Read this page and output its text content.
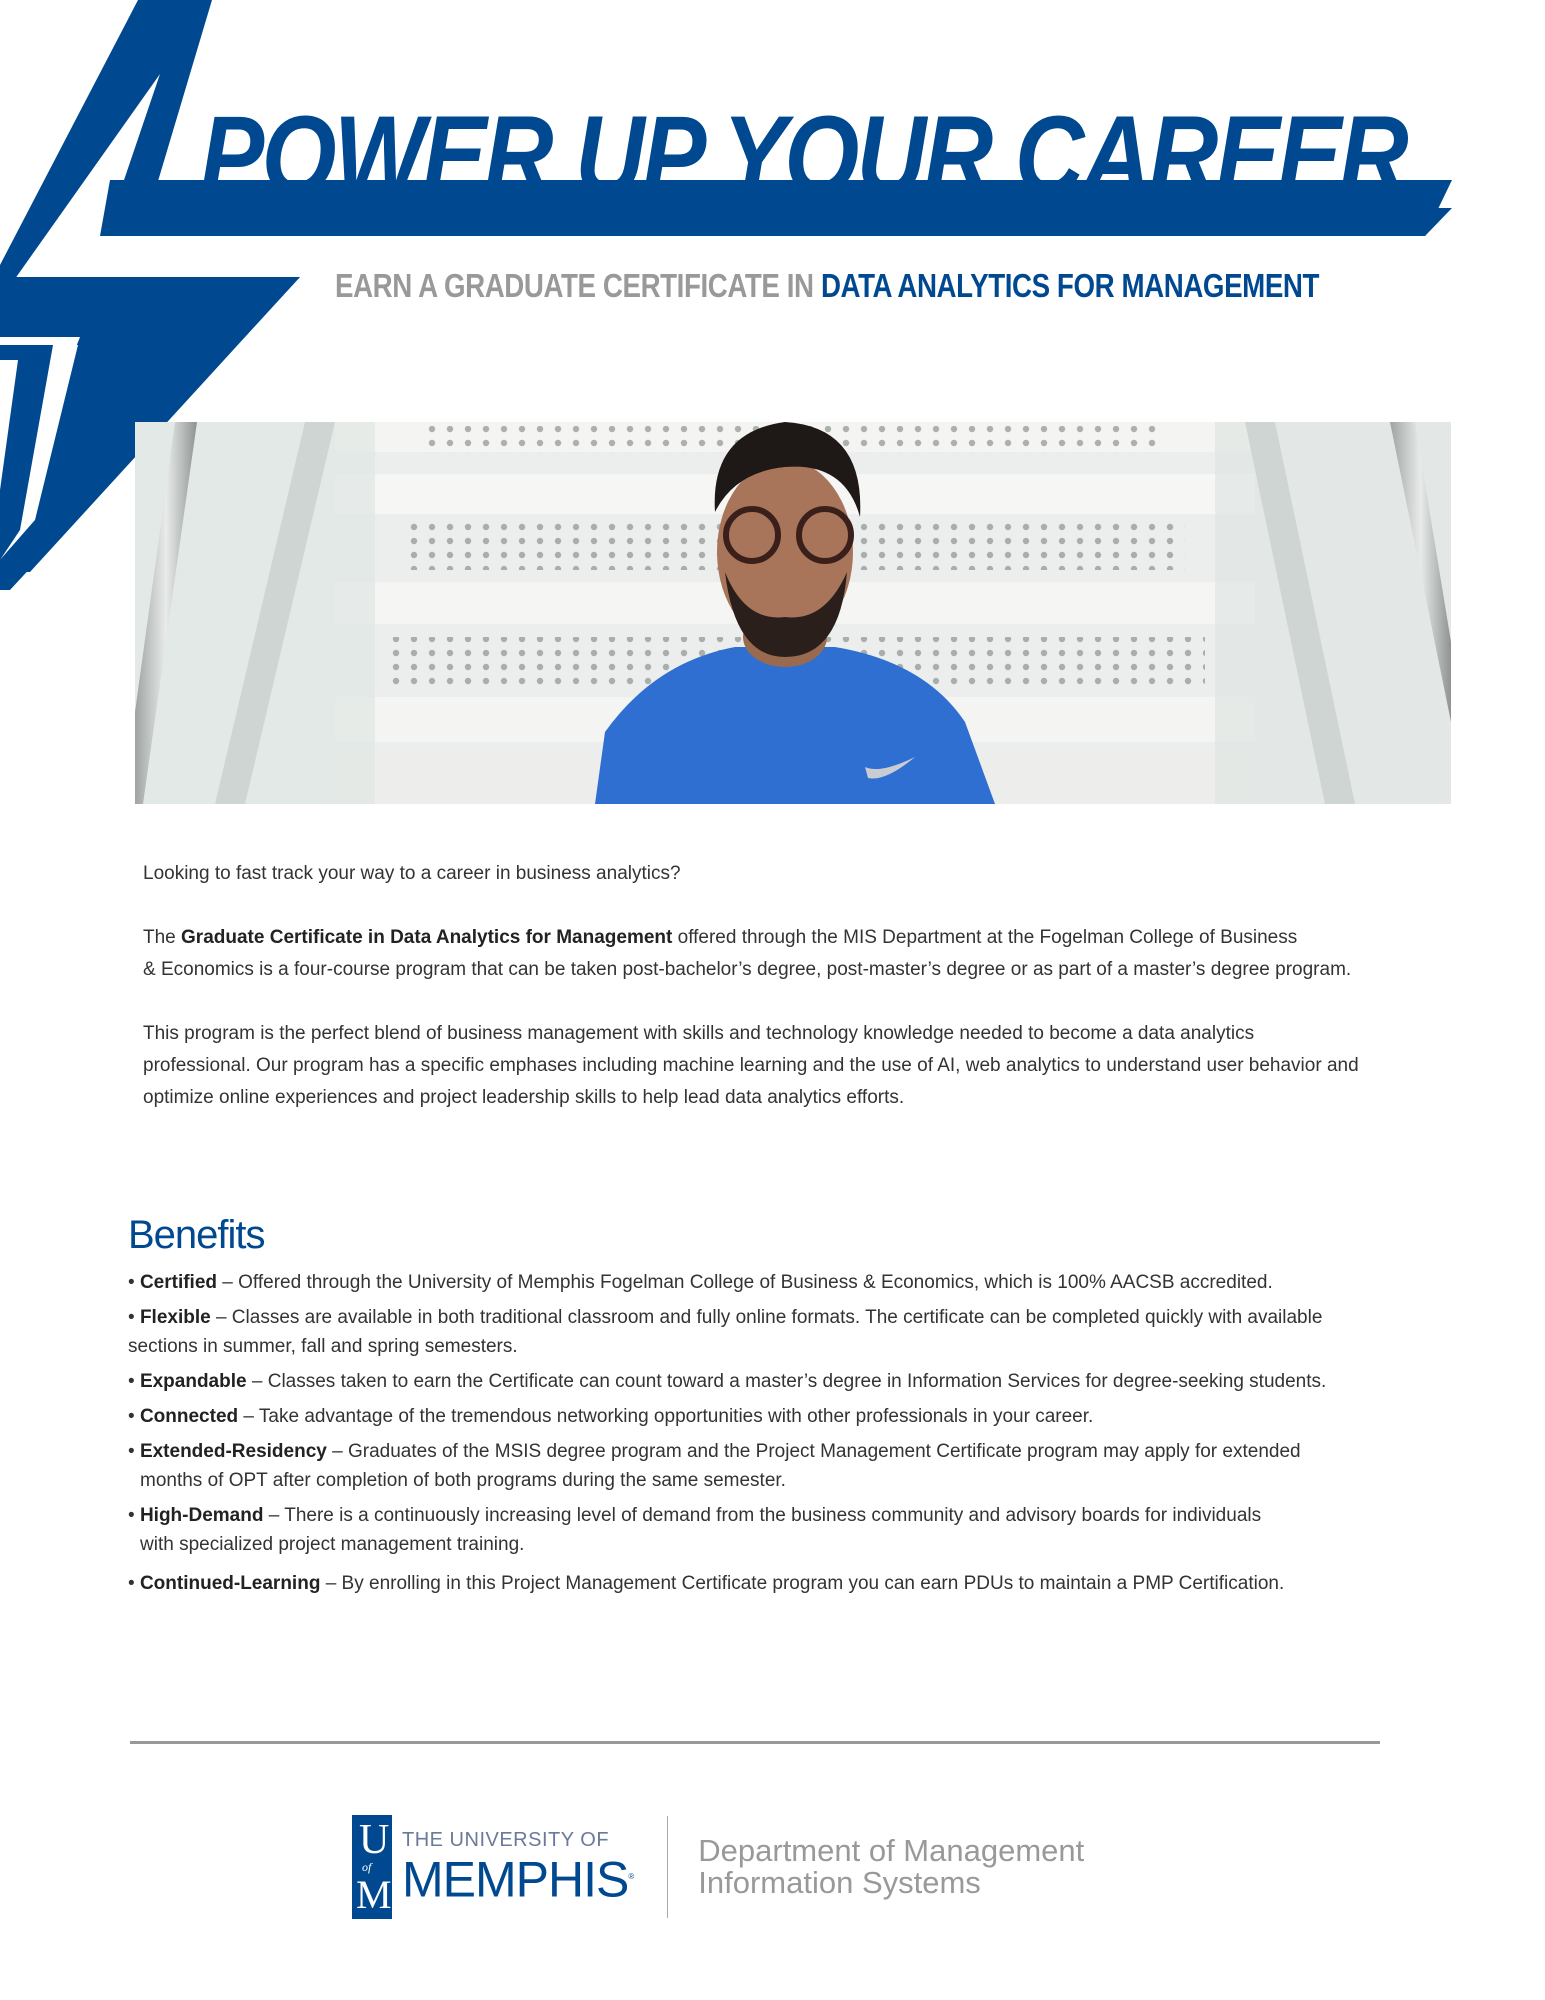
POWER UP YOUR CAREER
EARN A GRADUATE CERTIFICATE IN DATA ANALYTICS FOR MANAGEMENT

Looking to fast track your way to a career in business analytics?

The Graduate Certificate in Data Analytics for Management offered through the MIS Department at the Fogelman College of Business
& Economics is a four-course program that can be taken post-bachelor’s degree, post-master’s degree or as part of a master’s degree program.

This program is the perfect blend of business management with skills and technology knowledge needed to become a data analytics
professional. Our program has a specific emphases including machine learning and the use of AI, web analytics to understand user behavior and
optimize online experiences and project leadership skills to help lead data analytics efforts.

Benefits
• Certified – Offered through the University of Memphis Fogelman College of Business & Economics, which is 100% AACSB accredited.
• Flexible – Classes are available in both traditional classroom and fully online formats. The certificate can be completed quickly with available
sections in summer, fall and spring semesters.
• Expandable – Classes taken to earn the Certificate can count toward a master’s degree in Information Services for degree-seeking students.
• Connected – Take advantage of the tremendous networking opportunities with other professionals in your career.
• Extended-Residency – Graduates of the MSIS degree program and the Project Management Certificate program may apply for extended
months of OPT after completion of both programs during the same semester.
• High-Demand – There is a continuously increasing level of demand from the business community and advisory boards for individuals
with specialized project management training.
• Continued-Learning – By enrolling in this Project Management Certificate program you can earn PDUs to maintain a PMP Certification.
U
of
M
THE UNIVERSITY OF
MEMPHIS®
Department of Management
Information Systems
